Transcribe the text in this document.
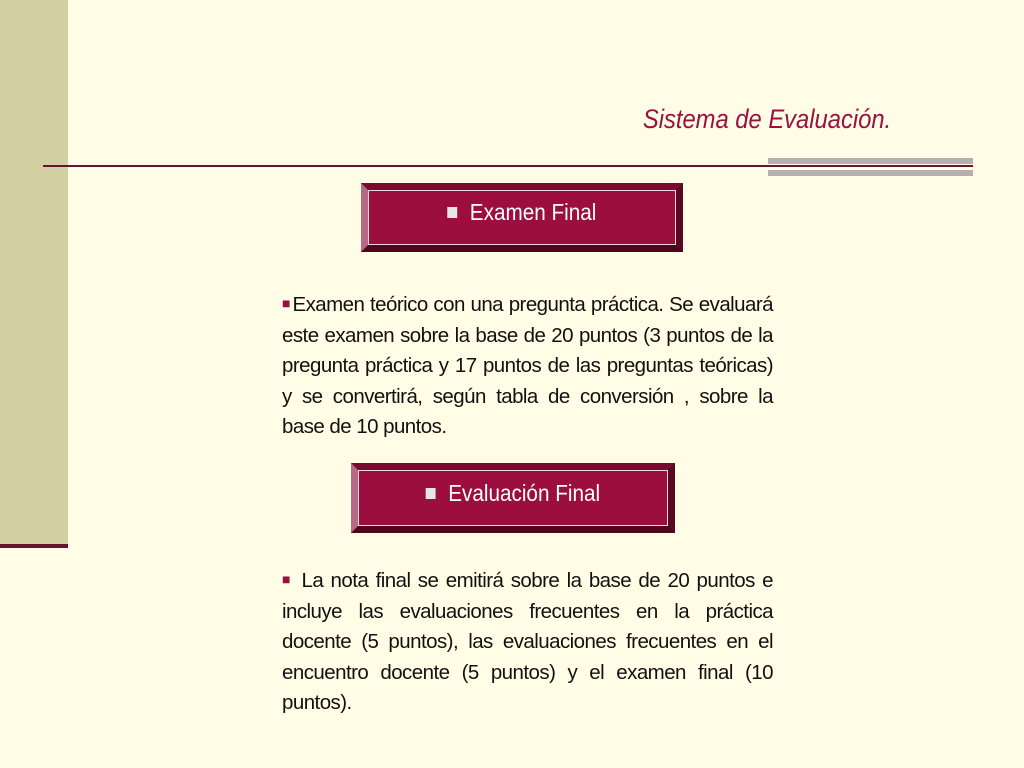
Sistema de Evaluación.
Examen Final

■Examen teórico con una pregunta práctica. Se evaluará este examen sobre la base de 20 puntos (3 puntos de la pregunta práctica y 17 puntos de las preguntas teóricas) y se convertirá, según tabla de conversión , sobre la base de 10 puntos.

Evaluación Final

■ La nota final se emitirá sobre la base de 20 puntos e incluye las evaluaciones frecuentes en la práctica docente (5 puntos), las evaluaciones frecuentes en el encuentro docente (5 puntos) y el examen final (10 puntos).
